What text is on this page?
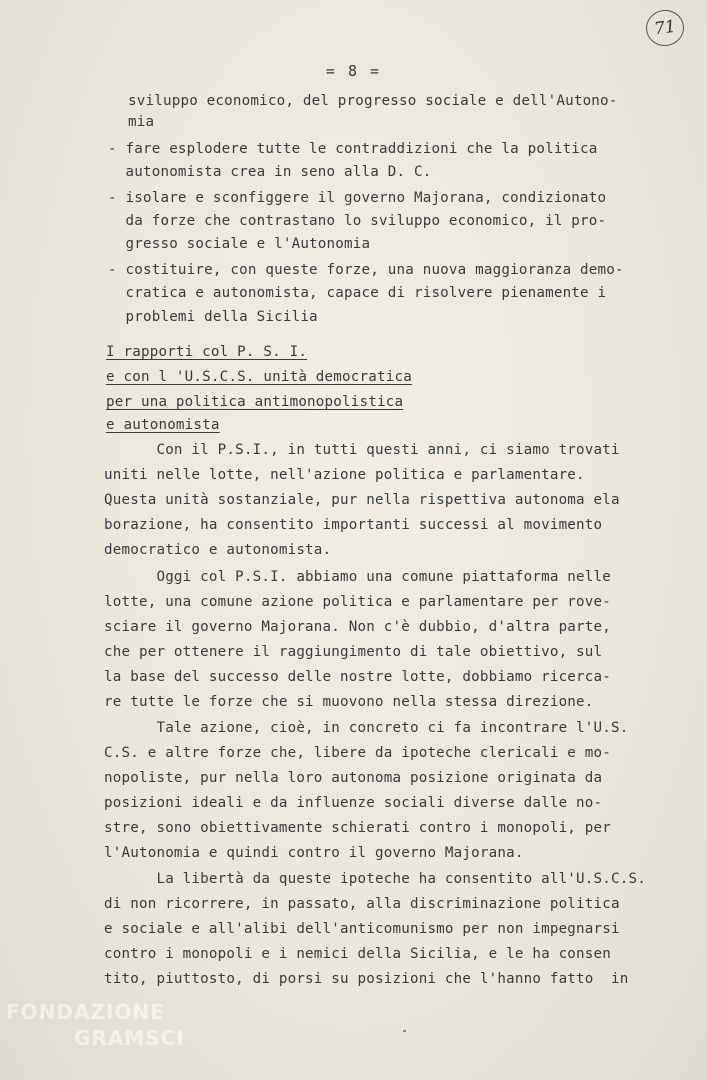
71
= 8 =
sviluppo economico, del progresso sociale e dell'Autono-
mia
- fare esplodere tutte le contraddizioni che la politica
autonomista crea in seno alla D. C.
- isolare e sconfiggere il governo Majorana, condizionato
da forze che contrastano lo sviluppo economico, il pro-
gresso sociale e l'Autonomia
- costituire, con queste forze, una nuova maggioranza demo-
cratica e autonomista, capace di risolvere pienamente i
problemi della Sicilia
I rapporti col P. S. I.
e con l 'U.S.C.S. unità democratica
per una politica antimonopolistica
e autonomista
Con il P.S.I., in tutti questi anni, ci siamo trovati
uniti nelle lotte, nell'azione politica e parlamentare.
Questa unità sostanziale, pur nella rispettiva autonoma ela
borazione, ha consentito importanti successi al movimento
democratico e autonomista.
Oggi col P.S.I. abbiamo una comune piattaforma nelle
lotte, una comune azione politica e parlamentare per rove-
sciare il governo Majorana. Non c'è dubbio, d'altra parte,
che per ottenere il raggiungimento di tale obiettivo, sul
la base del successo delle nostre lotte, dobbiamo ricerca-
re tutte le forze che si muovono nella stessa direzione.
Tale azione, cioè, in concreto ci fa incontrare l'U.S.
C.S. e altre forze che, libere da ipoteche clericali e mo-
nopoliste, pur nella loro autonoma posizione originata da
posizioni ideali e da influenze sociali diverse dalle no-
stre, sono obiettivamente schierati contro i monopoli, per
l'Autonomia e quindi contro il governo Majorana.
La libertà da queste ipoteche ha consentito all'U.S.C.S.
di non ricorrere, in passato, alla discriminazione politica
e sociale e all'alibi dell'anticomunismo per non impegnarsi
contro i monopoli e i nemici della Sicilia, e le ha consen
tito, piuttosto, di porsi su posizioni che l'hanno fatto  in
FONDAZIONE
GRAMSCI
